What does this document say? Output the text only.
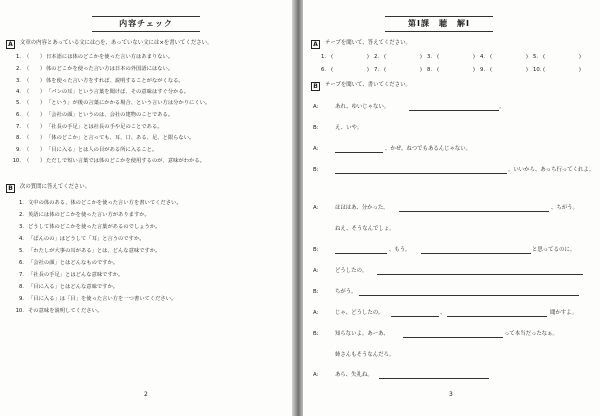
内容チェック
A	文章の内容とあっている文には○を、あっていない文には×を書いてください。
1. （　　） 日本語には体のどこかを使った言い方はあまりない。
2. （　　） 体のどこかを使った言い方は日本の外国語にはない。
3. （　　） 体を使った言い方をすれば、説明することがながくなる。
4. （　　） 「パンの耳」という言葉を聞けば、その意味はすぐ分かる。
5. （　　） 「という」が後の言葉にかかる場合、という言い方は分かりにくい。
6. （　　） 「会社の顔」というのは、会社の建物のことである。
7. （　　） 「社長の手足」とは社長の手や足のことである。
8. （　　） 「体のどこか」と言っても、耳、口、ある、足、と限らない。
9. （　　） 「目に入る」とは人の目がある所に入ること。
10. （　　） ただしで短い言葉では体のどこかを使用するのが、意味がわかる。
B	次の質問に答えてください。
1. 文中の体のある、体のどこかを使った言い方を書いてください。
2. 英語には体のどこかを使った言い方がありますか。
3. どうして体のどこかを使った言葉があるのでしょうか。
4. 「ぱんのの」はどうして「耳」と言うのですか。
5. 「わたしが大事の耳がある」とは、どんな意味ですか。
6. 「会社の顔」とはどんなものですか。
7. 「社長の手足」とはどんな意味ですか。
8. 「目に入る」とはどんな意味ですか。
9. 「目に入る」は「目」を使った言い方を一つ書いてください。
10. その意味を説明してください。
2
第Ⅰ課　聴　解Ⅰ
A	テープを聞いて、答えてください。
1. (	) 2. (	) 3. (	) 4. (	) 5. (	)
6. (	) 7. (	) 8. (	) 9. (	) 10. (	)
B	テープを聞いて、書いてください。
A:	あれ、ゆいじゃない。	。
B:	え、いや。
A:	、かぜ、ねつでもあるんじゃない。
B:	。いいから、あっち行ってくれよ。
A:	はははあ、分かった。	、ちがう。
ねえ、そうなんでしょ。
B:	、もう。	と思ってるのに。
A:	どうしたの。
B:	ちがう。
A:	じゃ、どうしたの。	、	聞かすよ。
B:	知らないよ。あーあ、	って本当だったなぁ。
姉さんもそうなんだろ。
A:	あら、失礼ね。
3
